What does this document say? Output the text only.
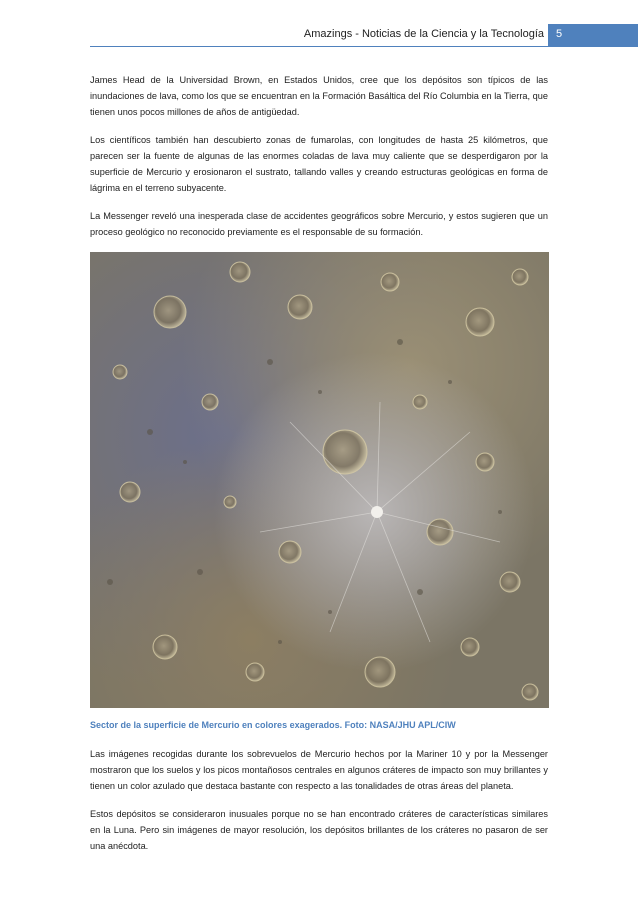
Amazings - Noticias de la Ciencia y la Tecnología 5

James Head de la Universidad Brown, en Estados Unidos, cree que los depósitos son típicos de las inundaciones de lava, como los que se encuentran en la Formación Basáltica del Río Columbia en la Tierra, que tienen unos pocos millones de años de antigüedad.

Los científicos también han descubierto zonas de fumarolas, con longitudes de hasta 25 kilómetros, que parecen ser la fuente de algunas de las enormes coladas de lava muy caliente que se desperdigaron por la superficie de Mercurio y erosionaron el sustrato, tallando valles y creando estructuras geológicas en forma de lágrima en el terreno subyacente.

La Messenger reveló una inesperada clase de accidentes geográficos sobre Mercurio, y estos sugieren que un proceso geológico no reconocido previamente es el responsable de su formación.

Sector de la superficie de Mercurio en colores exagerados. Foto: NASA/JHU APL/CIW

Las imágenes recogidas durante los sobrevuelos de Mercurio hechos por la Mariner 10 y por la Messenger mostraron que los suelos y los picos montañosos centrales en algunos cráteres de impacto son muy brillantes y tienen un color azulado que destaca bastante con respecto a las tonalidades de otras áreas del planeta.

Estos depósitos se consideraron inusuales porque no se han encontrado cráteres de características similares en la Luna. Pero sin imágenes de mayor resolución, los depósitos brillantes de los cráteres no pasaron de ser una anécdota.
